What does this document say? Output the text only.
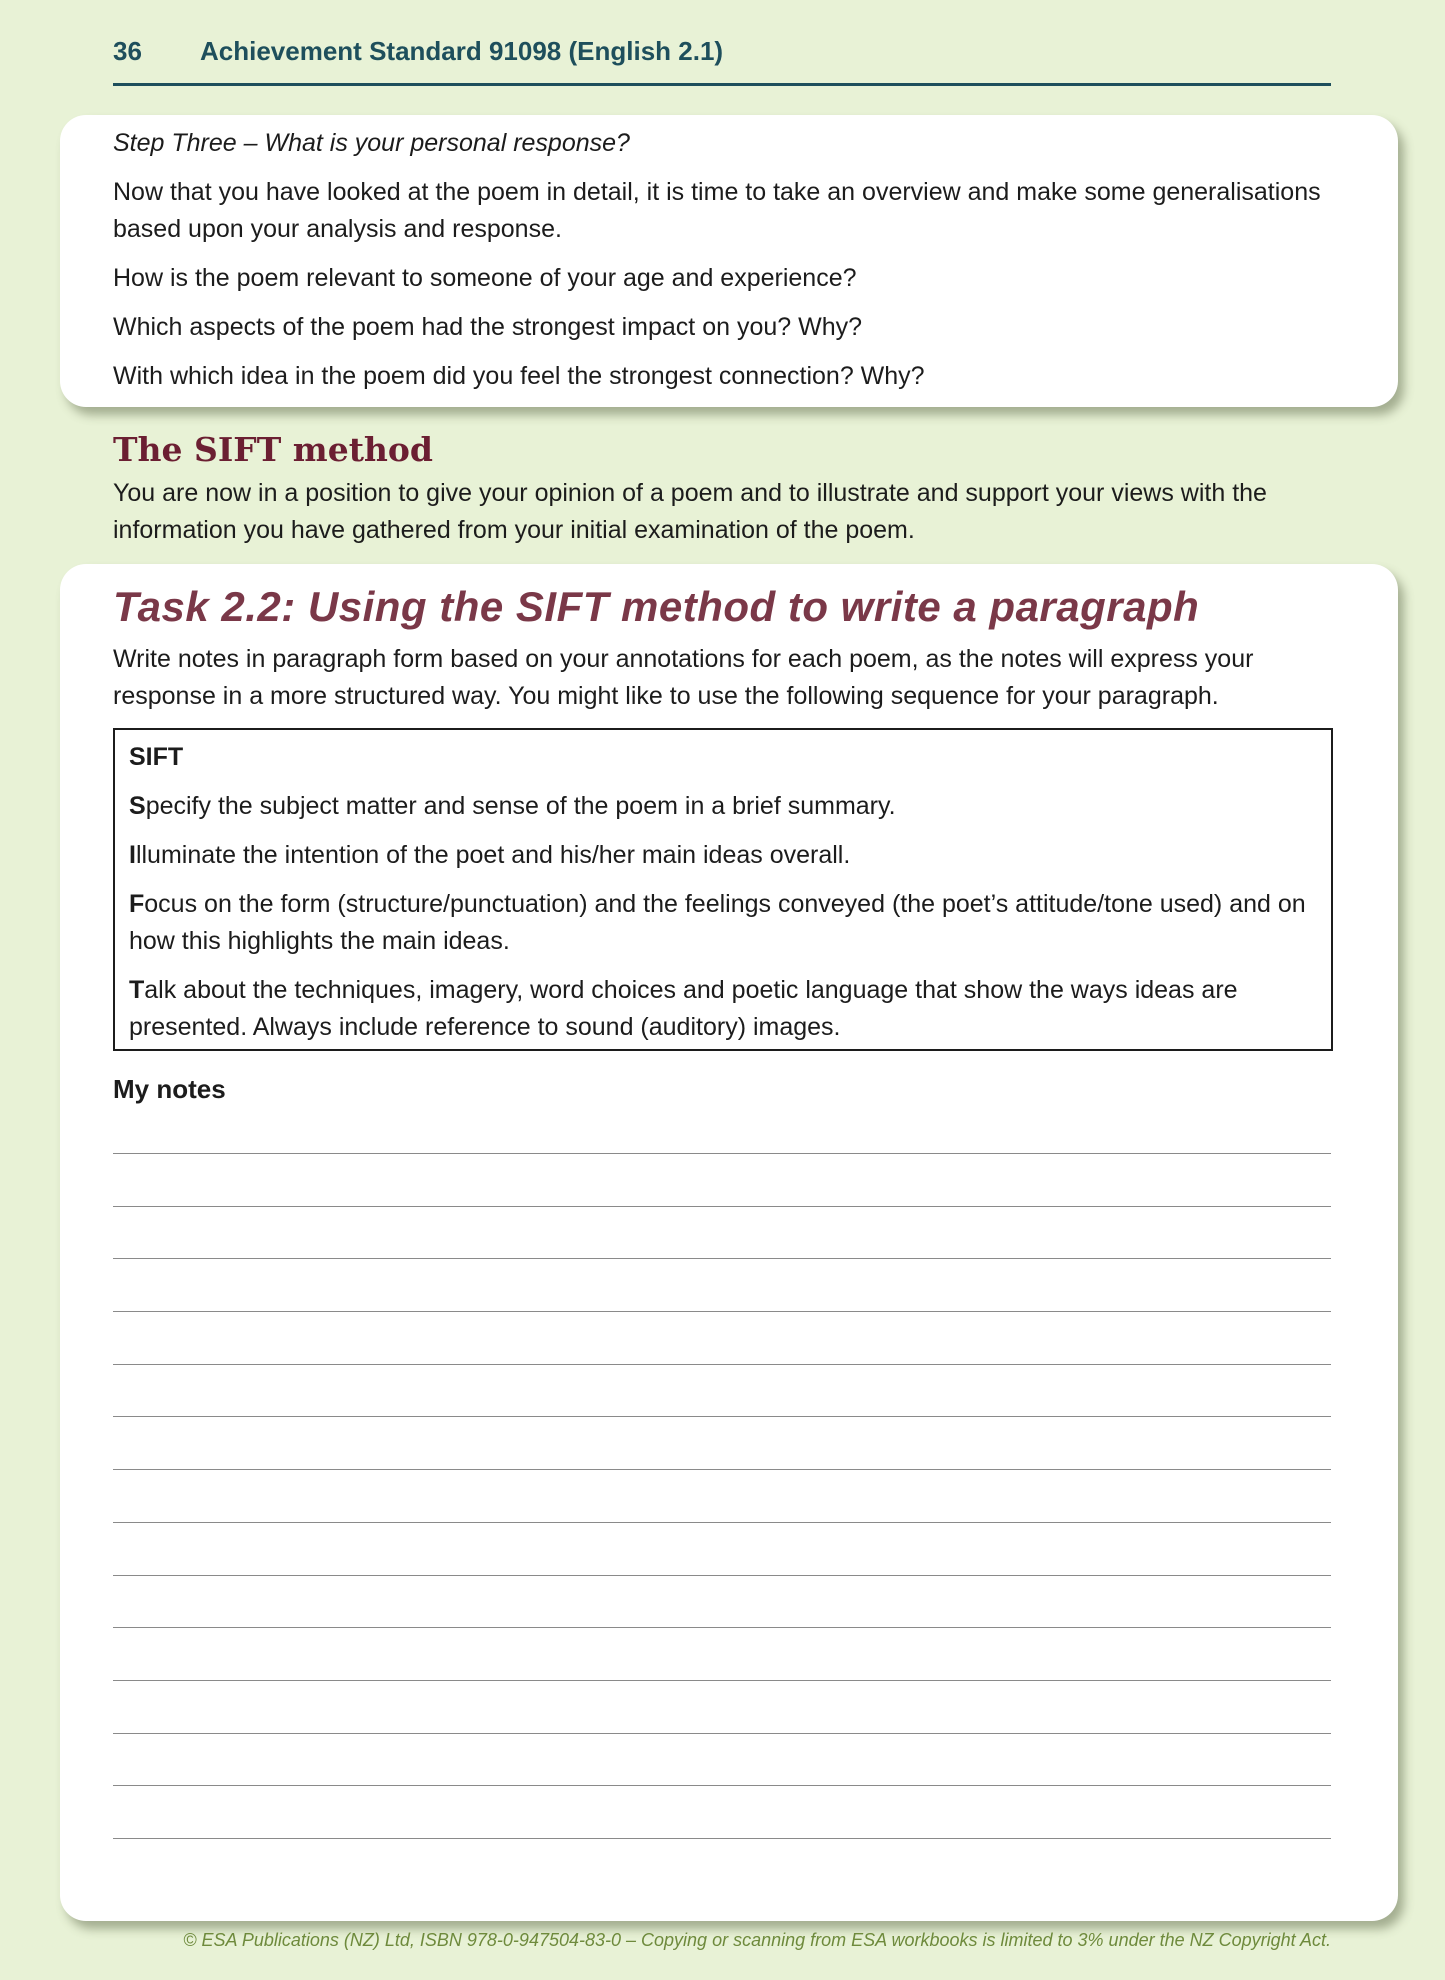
36	Achievement Standard 91098 (English 2.1)
Step Three – What is your personal response?
Now that you have looked at the poem in detail, it is time to take an overview and make some generalisations based upon your analysis and response.
How is the poem relevant to someone of your age and experience?
Which aspects of the poem had the strongest impact on you? Why?
With which idea in the poem did you feel the strongest connection? Why?
The SIFT method
You are now in a position to give your opinion of a poem and to illustrate and support your views with the information you have gathered from your initial examination of the poem.
Task 2.2: Using the SIFT method to write a paragraph
Write notes in paragraph form based on your annotations for each poem, as the notes will express your response in a more structured way. You might like to use the following sequence for your paragraph.
SIFT
Specify the subject matter and sense of the poem in a brief summary.
Illuminate the intention of the poet and his/her main ideas overall.
Focus on the form (structure/punctuation) and the feelings conveyed (the poet’s attitude/tone used) and on how this highlights the main ideas.
Talk about the techniques, imagery, word choices and poetic language that show the ways ideas are presented. Always include reference to sound (auditory) images.
My notes
© ESA Publications (NZ) Ltd, ISBN 978-0-947504-83-0 – Copying or scanning from ESA workbooks is limited to 3% under the NZ Copyright Act.
